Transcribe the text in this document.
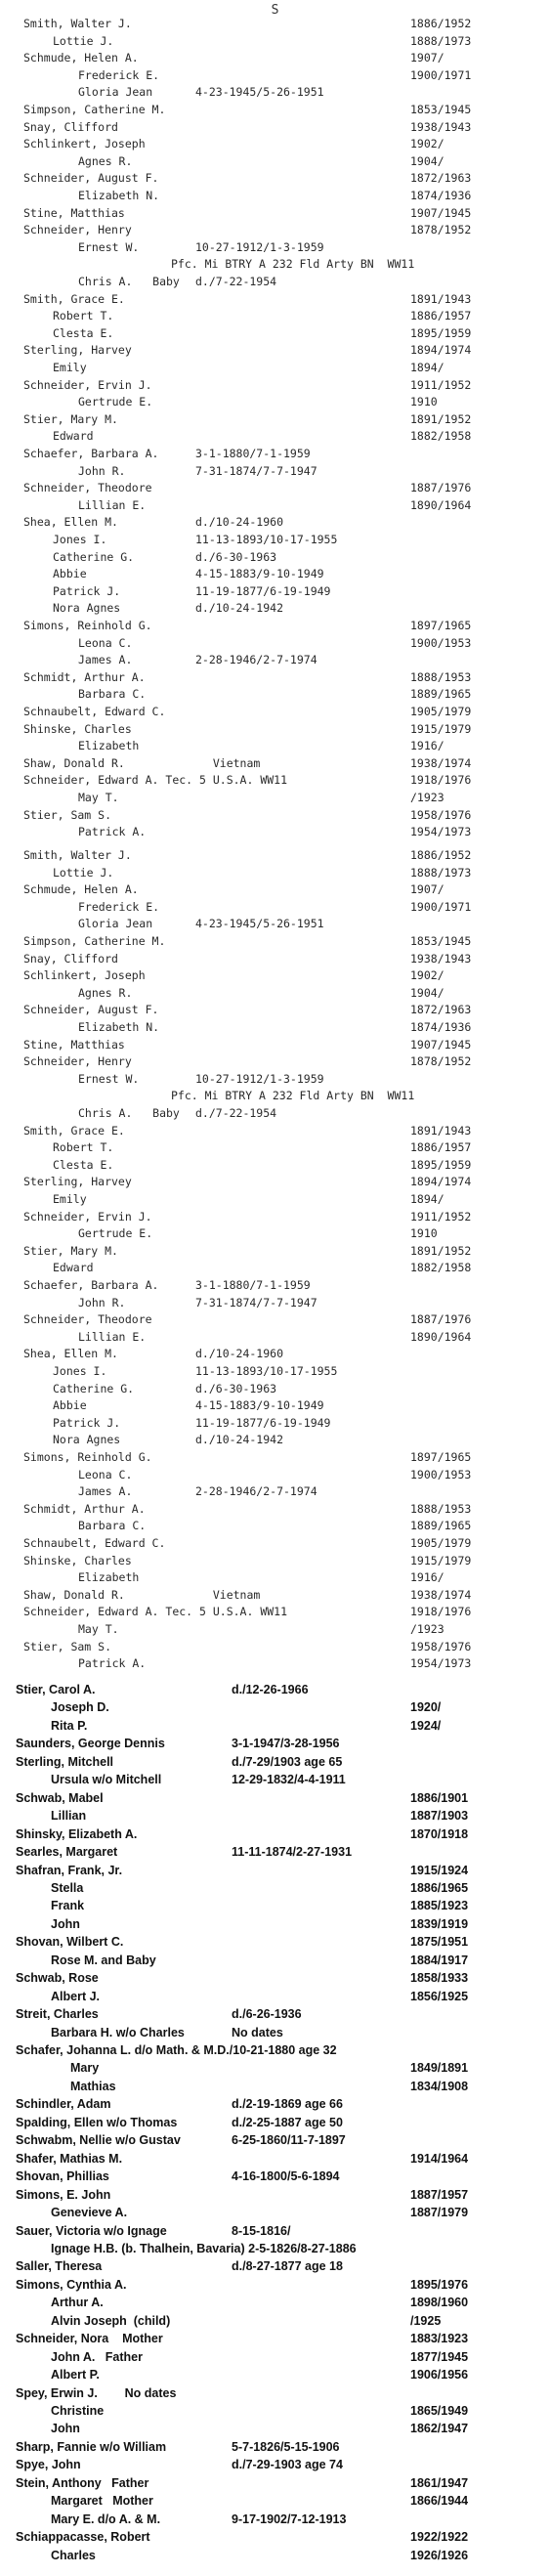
S
Smith, Walter J.	1886/1952
Lottie J.	1888/1973
Schmude, Helen A.	1907/
Frederick E.	1900/1971
Gloria Jean	4-23-1945/5-26-1951
Simpson, Catherine M.	1853/1945
Snay, Clifford	1938/1943
Schlinkert, Joseph	1902/
Agnes R.	1904/
Schneider, August F.	1872/1963
Elizabeth N.	1874/1936
Stine, Matthias	1907/1945
Schneider, Henry	1878/1952
Ernest W.	10-27-1912/1-3-1959
Pfc. Mi BTRY A 232 Fld Arty BN  WW11
Chris A.   Baby d./7-22-1954
Smith, Grace E.	1891/1943
Robert T.	1886/1957
Clesta E.	1895/1959
Sterling, Harvey	1894/1974
Emily	1894/
Schneider, Ervin J.	1911/1952
Gertrude E.	1910
Stier, Mary M.	1891/1952
Edward	1882/1958
Schaefer, Barbara A.	3-1-1880/7-1-1959
John R.	7-31-1874/7-7-1947
Schneider, Theodore	1887/1976
Lillian E.	1890/1964
Shea, Ellen M.	d./10-24-1960
Jones I.	11-13-1893/10-17-1955
Catherine G.	d./6-30-1963
Abbie	4-15-1883/9-10-1949
Patrick J.	11-19-1877/6-19-1949
Nora Agnes	d./10-24-1942
Simons, Reinhold G.	1897/1965
Leona C.	1900/1953
James A.	2-28-1946/2-7-1974
Schmidt, Arthur A.	1888/1953
Barbara C.	1889/1965
Schnaubelt, Edward C.	1905/1979
Shinske, Charles	1915/1979
Elizabeth	1916/
Shaw, Donald R.             Vietnam	1938/1974
Schneider, Edward A. Tec. 5 U.S.A. WW11	1918/1976
May T.	/1923
Stier, Sam S.	1958/1976
Patrick A.	1954/1973
Smith, Walter J.	1886/1952
Lottie J.	1888/1973
Schmude, Helen A.	1907/
Frederick E.	1900/1971
Gloria Jean	4-23-1945/5-26-1951
Simpson, Catherine M.	1853/1945
Snay, Clifford	1938/1943
Schlinkert, Joseph	1902/
Agnes R.	1904/
Schneider, August F.	1872/1963
Elizabeth N.	1874/1936
Stine, Matthias	1907/1945
Schneider, Henry	1878/1952
Ernest W.	10-27-1912/1-3-1959
Pfc. Mi BTRY A 232 Fld Arty BN  WW11
Chris A.   Baby d./7-22-1954
Smith, Grace E.	1891/1943
Robert T.	1886/1957
Clesta E.	1895/1959
Sterling, Harvey	1894/1974
Emily	1894/
Schneider, Ervin J.	1911/1952
Gertrude E.	1910
Stier, Mary M.	1891/1952
Edward	1882/1958
Schaefer, Barbara A.	3-1-1880/7-1-1959
John R.	7-31-1874/7-7-1947
Schneider, Theodore	1887/1976
Lillian E.	1890/1964
Shea, Ellen M.	d./10-24-1960
Jones I.	11-13-1893/10-17-1955
Catherine G.	d./6-30-1963
Abbie	4-15-1883/9-10-1949
Patrick J.	11-19-1877/6-19-1949
Nora Agnes	d./10-24-1942
Simons, Reinhold G.	1897/1965
Leona C.	1900/1953
James A.	2-28-1946/2-7-1974
Schmidt, Arthur A.	1888/1953
Barbara C.	1889/1965
Schnaubelt, Edward C.	1905/1979
Shinske, Charles	1915/1979
Elizabeth	1916/
Shaw, Donald R.             Vietnam	1938/1974
Schneider, Edward A. Tec. 5 U.S.A. WW11	1918/1976
May T.	/1923
Stier, Sam S.	1958/1976
Patrick A.	1954/1973
Stier, Carol A.	d./12-26-1966
Joseph D.	1920/
Rita P.	1924/
Saunders, George Dennis	3-1-1947/3-28-1956
Sterling, Mitchell	d./7-29/1903 age 65
Ursula w/o Mitchell	12-29-1832/4-4-1911
Schwab, Mabel	1886/1901
Lillian	1887/1903
Shinsky, Elizabeth A.	1870/1918
Searles, Margaret	11-11-1874/2-27-1931
Shafran, Frank, Jr.	1915/1924
Stella	1886/1965
Frank	1885/1923
John	1839/1919
Shovan, Wilbert C.	1875/1951
Rose M. and Baby	1884/1917
Schwab, Rose	1858/1933
Albert J.	1856/1925
Streit, Charles	d./6-26-1936
Barbara H. w/o Charles	No dates
Schafer, Johanna L. d/o Math. & M.D./10-21-1880 age 32
Mary	1849/1891
Mathias	1834/1908
Schindler, Adam	d./2-19-1869 age 66
Spalding, Ellen w/o Thomas	d./2-25-1887 age 50
Schwabm, Nellie w/o Gustav	6-25-1860/11-7-1897
Shafer, Mathias M.	1914/1964
Shovan, Phillias	4-16-1800/5-6-1894
Simons, E. John	1887/1957
Genevieve A.	1887/1979
Sauer, Victoria w/o Ignage	8-15-1816/
Ignage H.B. (b. Thalhein, Bavaria) 2-5-1826/8-27-1886
Saller, Theresa	d./8-27-1877 age 18
Simons, Cynthia A.	1895/1976
Arthur A.	1898/1960
Alvin Joseph  (child)	/1925
Schneider, Nora    Mother	1883/1923
John A.   Father	1877/1945
Albert P.	1906/1956
Spey, Erwin J.        No dates
Christine	1865/1949
John	1862/1947
Sharp, Fannie w/o William	5-7-1826/5-15-1906
Spye, John	d./7-29-1903 age 74
Stein, Anthony   Father	1861/1947
Margaret   Mother	1866/1944
Mary E. d/o A. & M.	9-17-1902/7-12-1913
Schiappacasse, Robert	1922/1922
Charles	1926/1926
